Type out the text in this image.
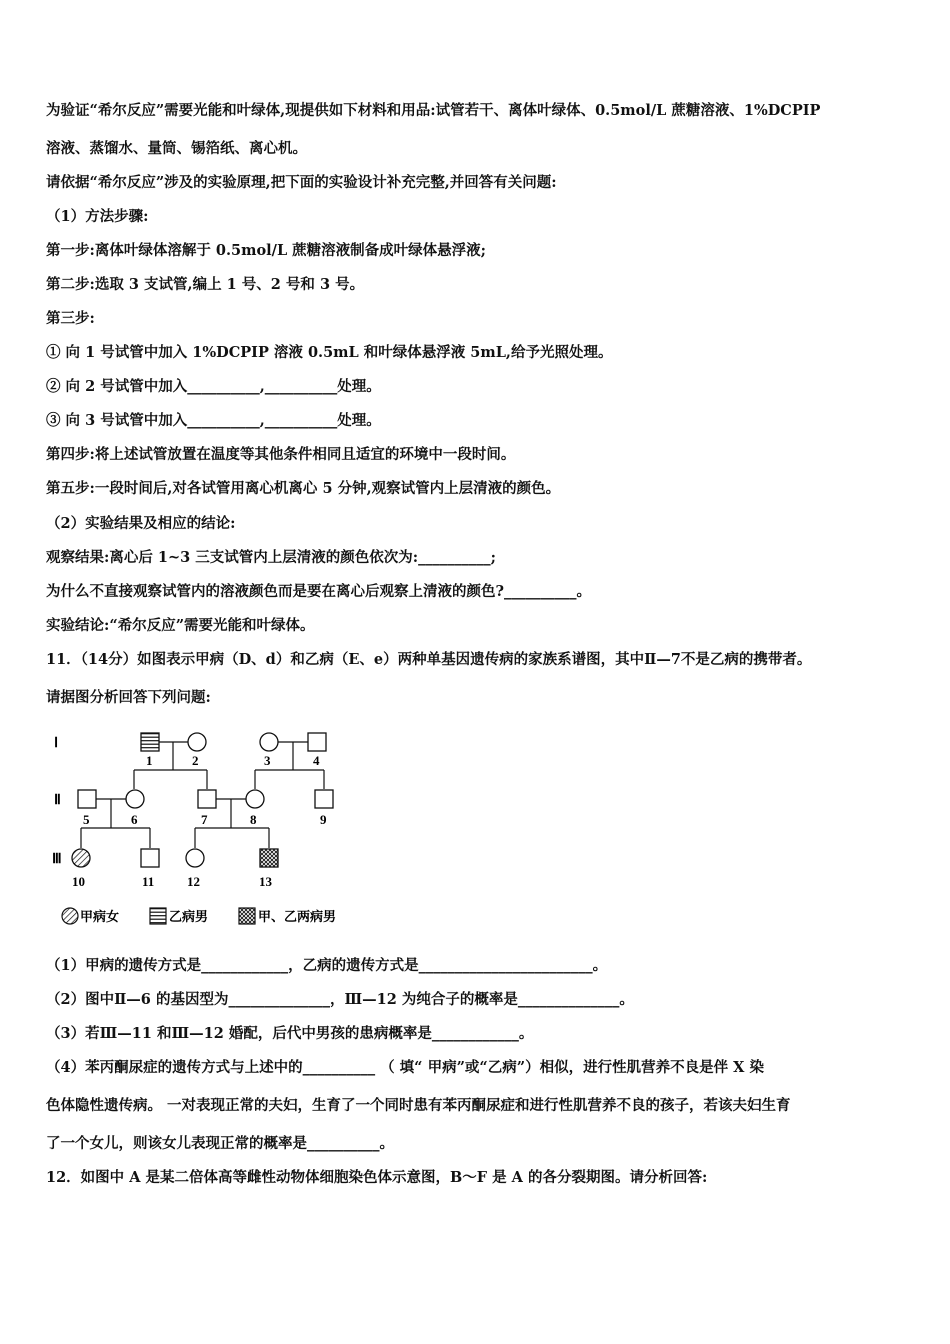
为验证“希尔反应”需要光能和叶绿体,现提供如下材料和用品:试管若干、离体叶绿体、0.5mol/L 蔗糖溶液、1%DCPIP
溶液、蒸馏水、量筒、锡箔纸、离心机。
请依据“希尔反应”涉及的实验原理,把下面的实验设计补充完整,并回答有关问题:
（1）方法步骤:
第一步:离体叶绿体溶解于 0.5mol/L 蔗糖溶液制备成叶绿体悬浮液;
第二步:选取 3 支试管,编上 1 号、2 号和 3 号。
第三步:
① 向 1 号试管中加入 1%DCPIP 溶液 0.5mL 和叶绿体悬浮液 5mL,给予光照处理。
② 向 2 号试管中加入__________,__________处理。
③ 向 3 号试管中加入__________,__________处理。
第四步:将上述试管放置在温度等其他条件相同且适宜的环境中一段时间。
第五步:一段时间后,对各试管用离心机离心 5 分钟,观察试管内上层清液的颜色。
（2）实验结果及相应的结论:
观察结果:离心后 1~3 三支试管内上层清液的颜色依次为:__________;
为什么不直接观察试管内的溶液颜色而是要在离心后观察上清液的颜色?__________。
实验结论:“希尔反应”需要光能和叶绿体。
11．（14分）如图表示甲病（D、d）和乙病（E、e）两种单基因遗传病的家族系谱图，其中Ⅱ—7不是乙病的携带者。
请据图分析回答下列问题:
Ⅰ
Ⅱ
Ⅲ
1	2	3	4
5	6	7	8	9
10	11	12	13
甲病女	乙病男	甲、乙两病男
（1）甲病的遗传方式是____________，乙病的遗传方式是________________________。
（2）图中Ⅱ—6 的基因型为______________，Ⅲ—12 为纯合子的概率是______________。
（3）若Ⅲ—11 和Ⅲ—12 婚配，后代中男孩的患病概率是____________。
（4）苯丙酮尿症的遗传方式与上述中的__________ （ 填“ 甲病”或“乙病”）相似，进行性肌营养不良是伴 X 染
色体隐性遗传病。 一对表现正常的夫妇，生育了一个同时患有苯丙酮尿症和进行性肌营养不良的孩子，若该夫妇生育
了一个女儿，则该女儿表现正常的概率是__________。
12．如图中 A 是某二倍体高等雌性动物体细胞染色体示意图，B～F 是 A 的各分裂期图。请分析回答:
